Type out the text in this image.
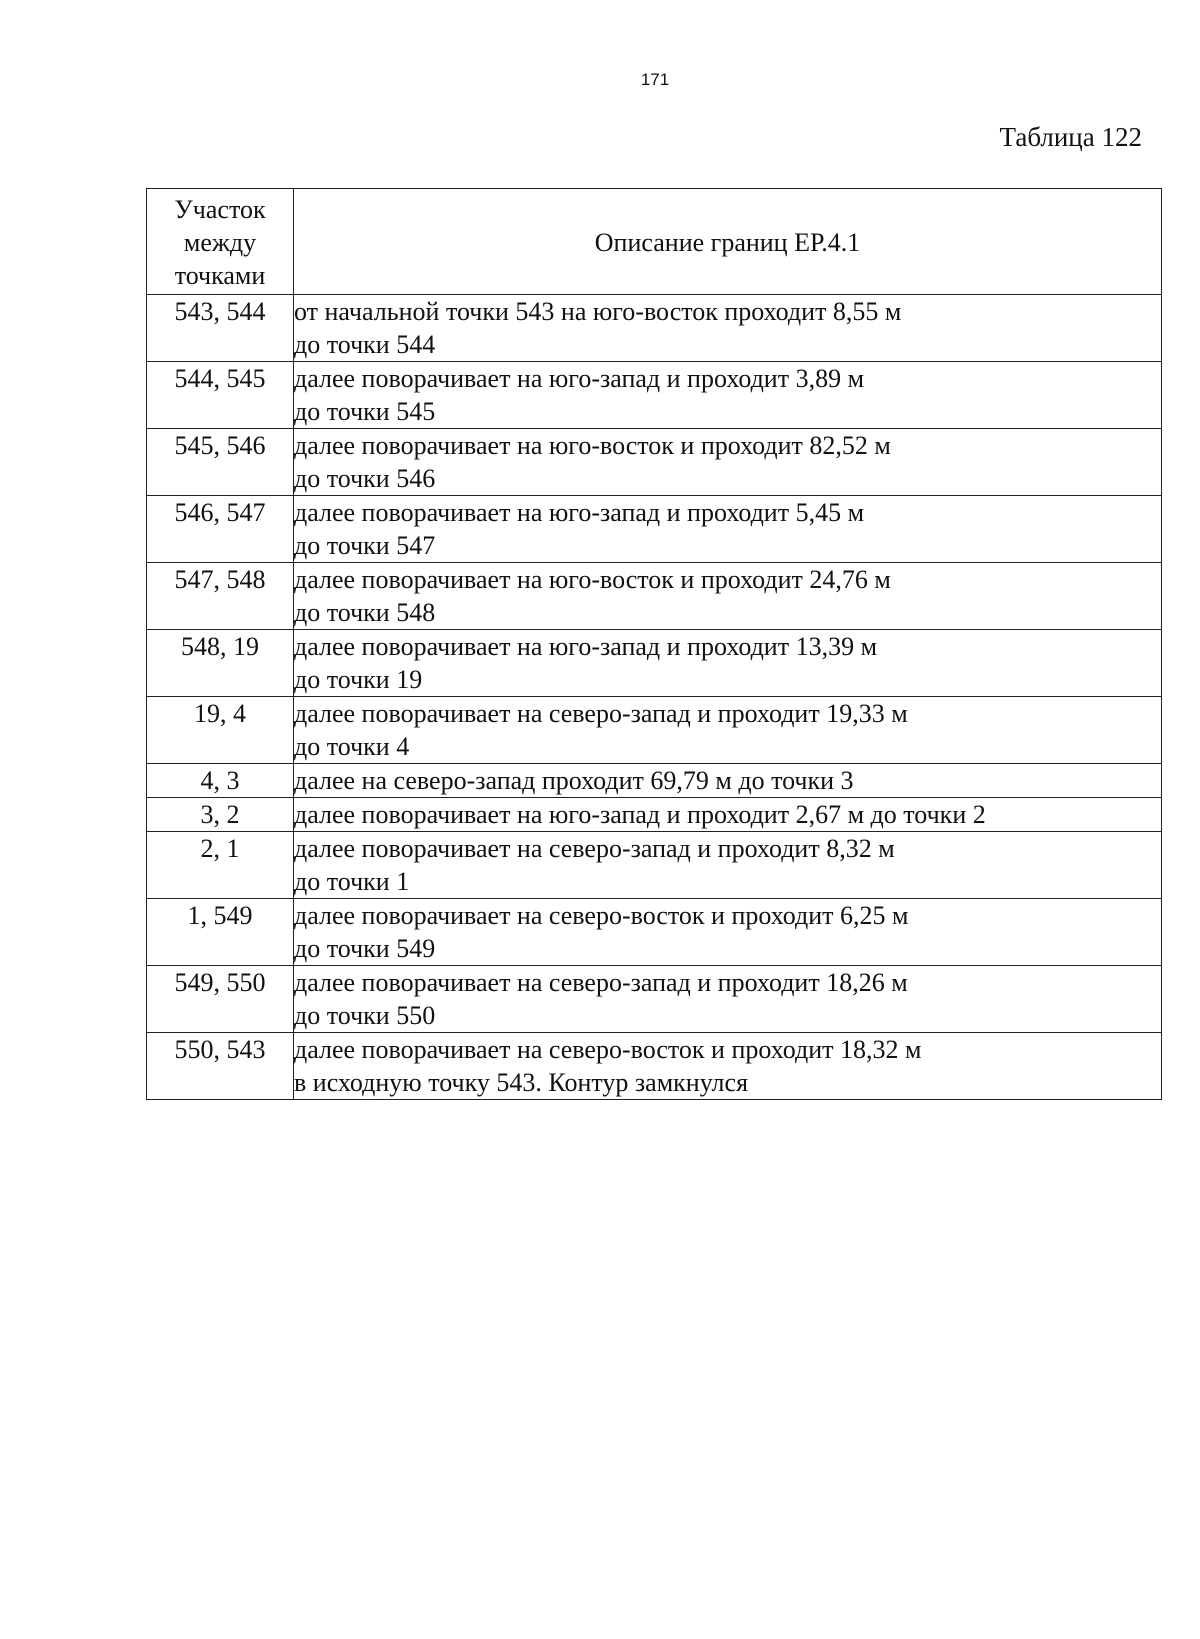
171
Таблица 122
Участок
между
точками	Описание границ ЕР.4.1
543, 544	от начальной точки 543 на юго-восток проходит 8,55 м
до точки 544

544, 545	далее поворачивает на юго-запад и проходит 3,89 м
до точки 545

545, 546	далее поворачивает на юго-восток и проходит 82,52 м
до точки 546

546, 547	далее поворачивает на юго-запад и проходит 5,45 м
до точки 547

547, 548	далее поворачивает на юго-восток и проходит 24,76 м
до точки 548

548, 19	далее поворачивает на юго-запад и проходит 13,39 м
до точки 19

19, 4	далее поворачивает на северо-запад и проходит 19,33 м
до точки 4

4, 3	далее на северо-запад проходит 69,79 м до точки 3

3, 2	далее поворачивает на юго-запад и проходит 2,67 м до точки 2

2, 1	далее поворачивает на северо-запад и проходит 8,32 м
до точки 1

1, 549	далее поворачивает на северо-восток и проходит 6,25 м
до точки 549

549, 550	далее поворачивает на северо-запад и проходит 18,26 м
до точки 550

550, 543	далее поворачивает на северо-восток и проходит 18,32 м
в исходную точку 543. Контур замкнулся
